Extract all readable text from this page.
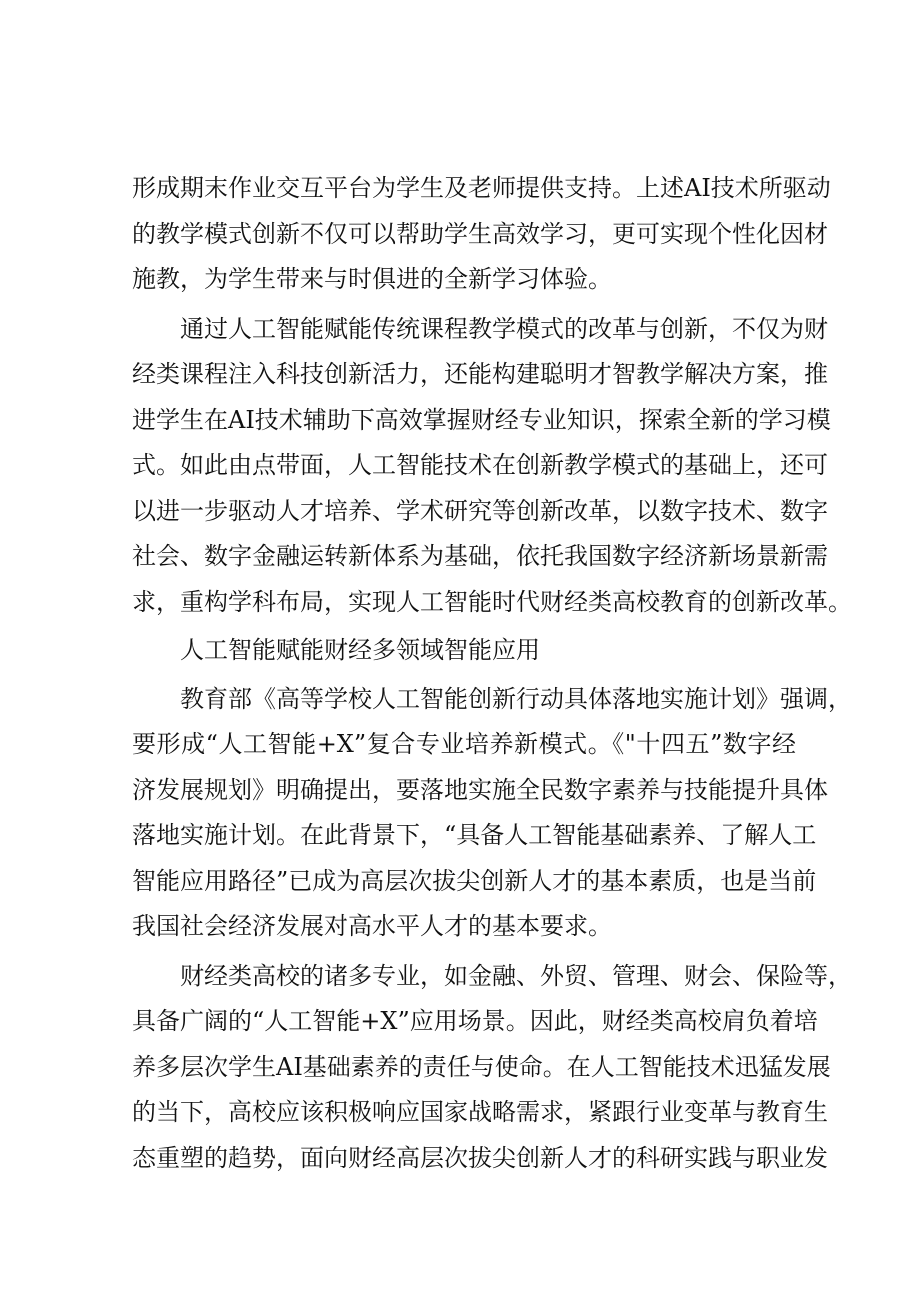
形成期末作业交互平台为学生及老师提供支持。上述AI技术所驱动
的教学模式创新不仅可以帮助学生高效学习，更可实现个性化因材
施教，为学生带来与时俱进的全新学习体验。
通过人工智能赋能传统课程教学模式的改革与创新，不仅为财
经类课程注入科技创新活力，还能构建聪明才智教学解决方案，推
进学生在AI技术辅助下高效掌握财经专业知识，探索全新的学习模
式。如此由点带面，人工智能技术在创新教学模式的基础上，还可
以进一步驱动人才培养、学术研究等创新改革，以数字技术、数字
社会、数字金融运转新体系为基础，依托我国数字经济新场景新需
求，重构学科布局，实现人工智能时代财经类高校教育的创新改革。
人工智能赋能财经多领域智能应用
教育部《高等学校人工智能创新行动具体落地实施计划》强调，
要形成“人工智能+X”复合专业培养新模式。《"十四五”数字经
济发展规划》明确提出，要落地实施全民数字素养与技能提升具体
落地实施计划。在此背景下，“具备人工智能基础素养、了解人工
智能应用路径”已成为高层次拔尖创新人才的基本素质，也是当前
我国社会经济发展对高水平人才的基本要求。
财经类高校的诸多专业，如金融、外贸、管理、财会、保险等，
具备广阔的“人工智能+X”应用场景。因此，财经类高校肩负着培
养多层次学生AI基础素养的责任与使命。在人工智能技术迅猛发展
的当下，高校应该积极响应国家战略需求，紧跟行业变革与教育生
态重塑的趋势，面向财经高层次拔尖创新人才的科研实践与职业发
